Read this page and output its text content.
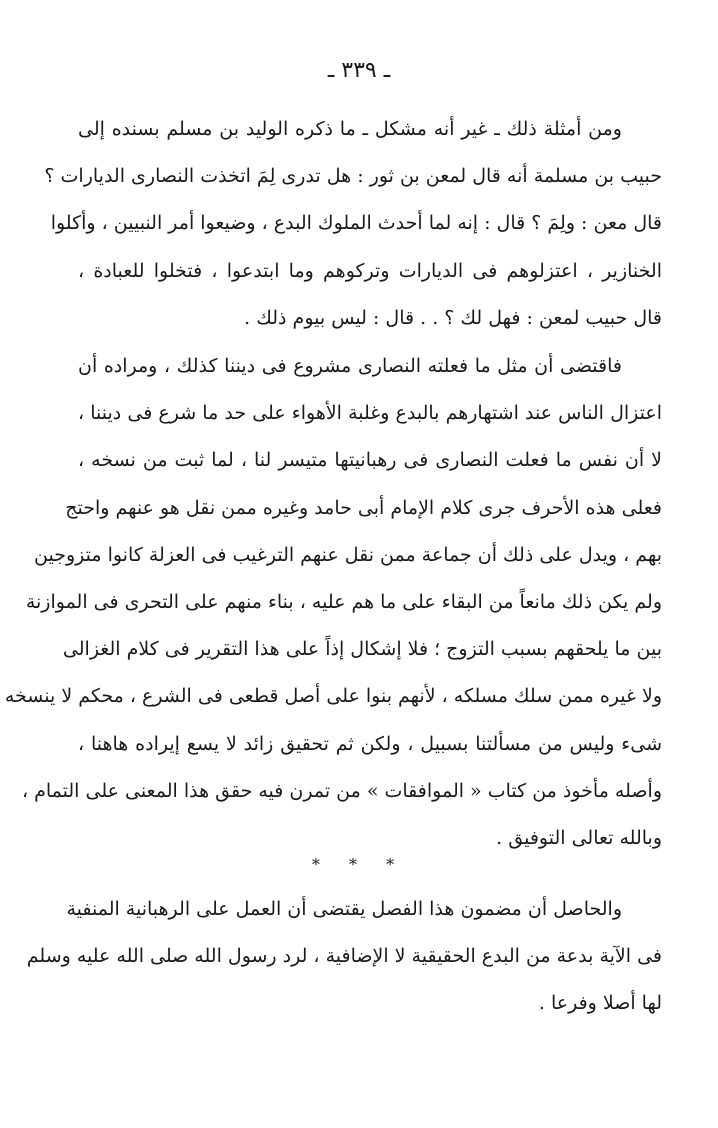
ـ ٣٣٩ ـ
ومن أمثلة ذلك ـ غير أنه مشكل ـ ما ذكره الوليد بن مسلم بسنده إلى
حبيب بن مسلمة أنه قال لمعن بن ثور : هل تدرى لِمَ اتخذت النصارى الديارات ؟
قال معن : ولِمَ ؟ قال : إنه لما أحدث الملوك البدع ، وضيعوا أمر النبيين ، وأكلوا
الخنازير ، اعتزلوهم فى الديارات وتركوهم وما ابتدعوا ، فتخلوا للعبادة ،
قال حبيب لمعن : فهل لك ؟ . . قال : ليس بيوم ذلك .
فاقتضى أن مثل ما فعلته النصارى مشروع فى ديننا كذلك ، ومراده أن
اعتزال الناس عند اشتهارهم بالبدع وغلبة الأهواء على حد ما شرع فى ديننا ،
لا أن نفس ما فعلت النصارى فى رهبانيتها متيسر لنا ، لما ثبت من نسخه ،
فعلى هذه الأحرف جرى كلام الإمام أبى حامد وغيره ممن نقل هو عنهم واحتج
بهم ، ويدل على ذلك أن جماعة ممن نقل عنهم الترغيب فى العزلة كانوا متزوجين
ولم يكن ذلك مانعاً من البقاء على ما هم عليه ، بناء منهم على التحرى فى الموازنة
بين ما يلحقهم بسبب التزوج ؛ فلا إشكال إذاً على هذا التقرير فى كلام الغزالى
ولا غيره ممن سلك مسلكه ، لأنهم بنوا على أصل قطعى فى الشرع ، محكم لا ينسخه
شىء وليس من مسألتنا بسبيل ، ولكن ثم تحقيق زائد لا يسع إيراده هاهنا ،
وأصله مأخوذ من كتاب « الموافقات » من تمرن فيه حقق هذا المعنى على التمام ،
وبالله تعالى التوفيق .
* * *
والحاصل أن مضمون هذا الفصل يقتضى أن العمل على الرهبانية المنفية
فى الآية بدعة من البدع الحقيقية لا الإضافية ، لرد رسول الله صلى الله عليه وسلم
لها أصلا وفرعا .
